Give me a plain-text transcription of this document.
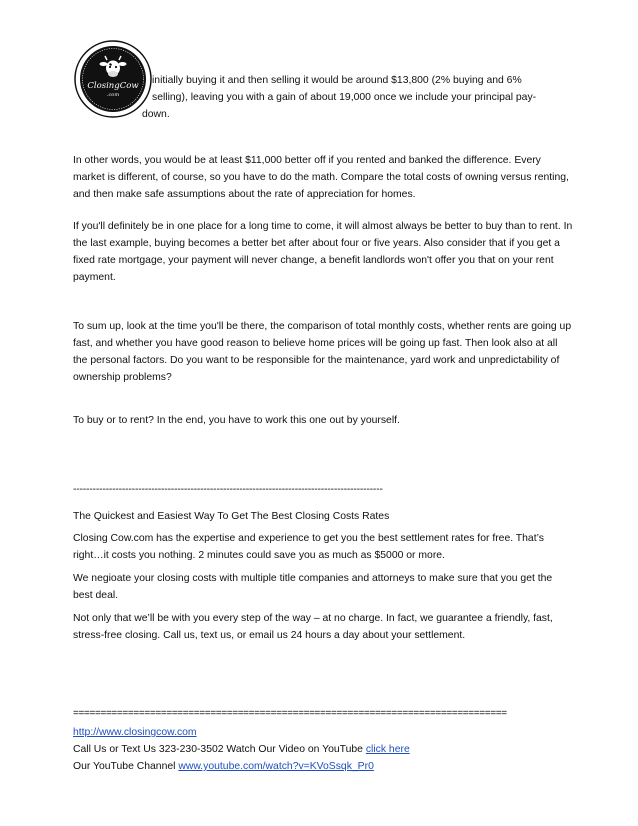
ClosingCow
.com
initially buying it and then selling it would be around $13,800 (2% buying and 6%
selling), leaving you with a gain of about 19,000 once we include your principal pay-
down.

In other words, you would be at least $11,000 better off if you rented and banked the difference. Every market is different, of course, so you have to do the math. Compare the total costs of owning versus renting, and then make safe assumptions about the rate of appreciation for homes.

If you'll definitely be in one place for a long time to come, it will almost always be better to buy than to rent. In the last example, buying becomes a better bet after about four or five years. Also consider that if you get a fixed rate mortgage, your payment will never change, a benefit landlords won't offer you that on your rent payment.

To sum up, look at the time you'll be there, the comparison of total monthly costs, whether rents are going up fast, and whether you have good reason to believe home prices will be going up fast. Then look also at all the personal factors. Do you want to be responsible for the maintenance, yard work and unpredictability of ownership problems?

To buy or to rent? In the end, you have to work this one out by yourself.

-----------------------------------------------------------------------------------------------
The Quickest and Easiest Way To Get The Best Closing Costs Rates

Closing Cow.com has the expertise and experience to get you the best settlement rates for free. That’s right…it costs you nothing. 2 minutes could save you as much as $5000 or more.

We negioate your closing costs with multiple title companies and attorneys to make sure that you get the best deal.

Not only that we’ll be with you every step of the way – at no charge. In fact, we guarantee a friendly, fast, stress-free closing. Call us, text us, or email us 24 hours a day about your settlement.

===============================================================================
http://www.closingcow.com
Call Us or Text Us 323-230-3502 Watch Our Video on YouTube click here
Our YouTube Channel www.youtube.com/watch?v=KVoSsqk_Pr0
